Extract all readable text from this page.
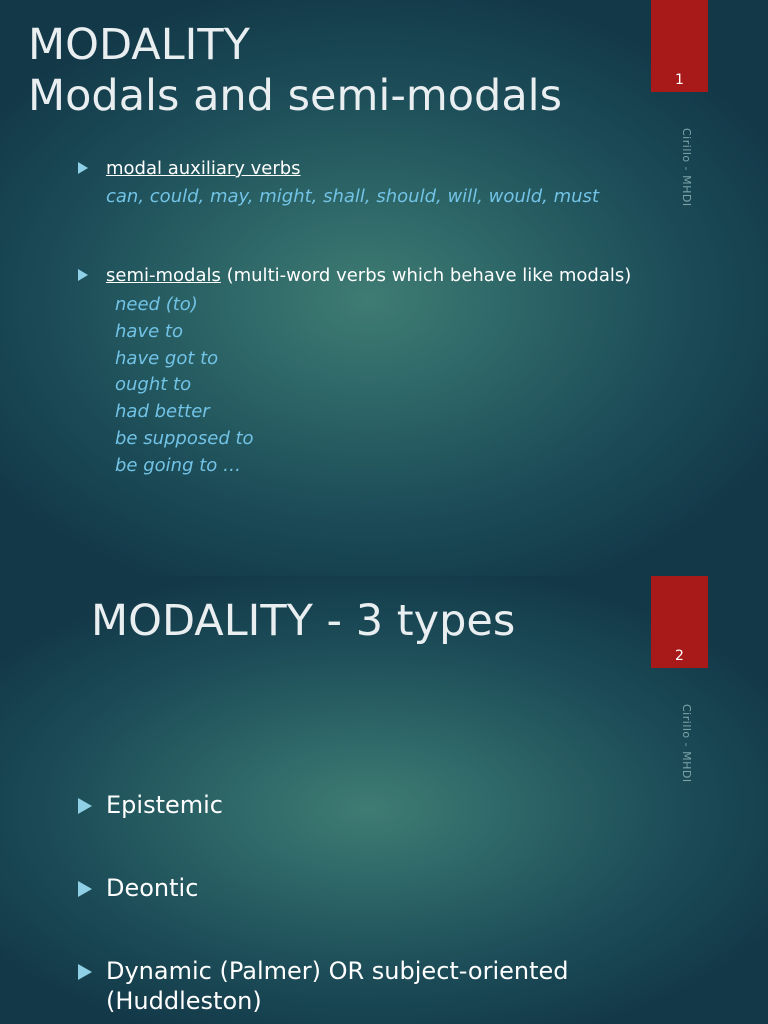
1
Cirillo - MHDI
MODALITY
Modals and semi-modals
modal auxiliary verbs
can, could, may, might, shall, should, will, would, must
semi-modals (multi-word verbs which behave like modals)
need (to)
have to
have got to
ought to
had better
be supposed to
be going to …
2
Cirillo - MHDI
MODALITY - 3 types
Epistemic
Deontic
Dynamic (Palmer) OR subject-oriented
(Huddleston)
